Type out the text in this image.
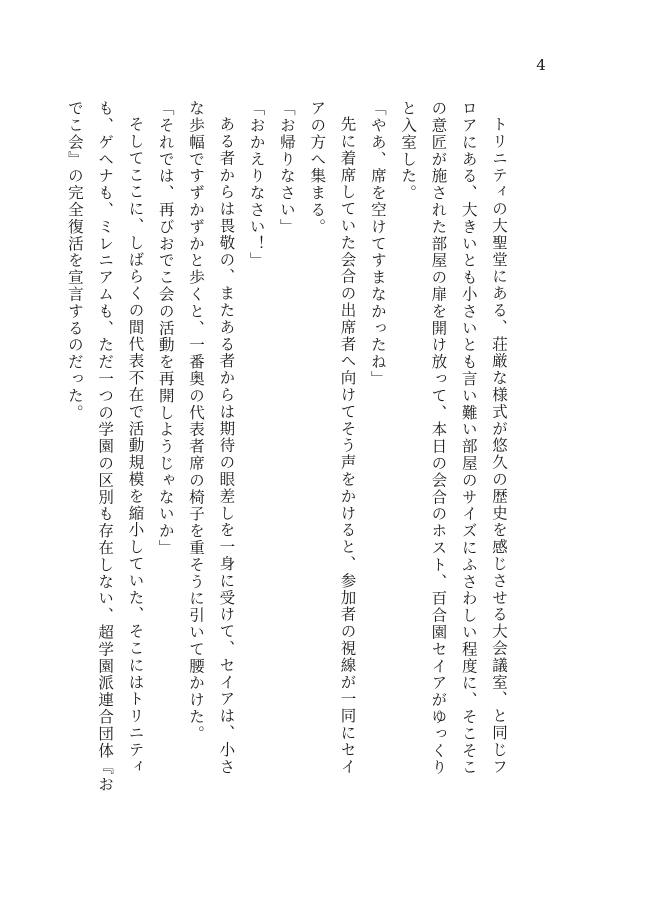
4
トリニティの大聖堂にある、荘厳な様式が悠久の歴史を感じさせる大会議室、と同じフ
ロアにある、大きいとも小さいとも言い難い部屋のサイズにふさわしい程度に、そこそこ
の意匠が施された部屋の扉を開け放って、本日の会合のホスト、百合園セイアがゆっくり
と入室した。
「やあ、席を空けてすまなかったね」
先に着席していた会合の出席者へ向けてそう声をかけると、参加者の視線が一同にセイ
アの方へ集まる。
「お帰りなさい」
「おかえりなさい！」
ある者からは畏敬の、またある者からは期待の眼差しを一身に受けて、セイアは、小さ
な歩幅ですずかずかと歩くと、一番奥の代表者席の椅子を重そうに引いて腰かけた。
「それでは、再びおでこ会の活動を再開しようじゃないか」
そしてここに、しばらくの間代表不在で活動規模を縮小していた、そこにはトリニティ
も、ゲヘナも、ミレニアムも、ただ一つの学園の区別も存在しない、超学園派連合団体『お
でこ会』の完全復活を宣言するのだった。
